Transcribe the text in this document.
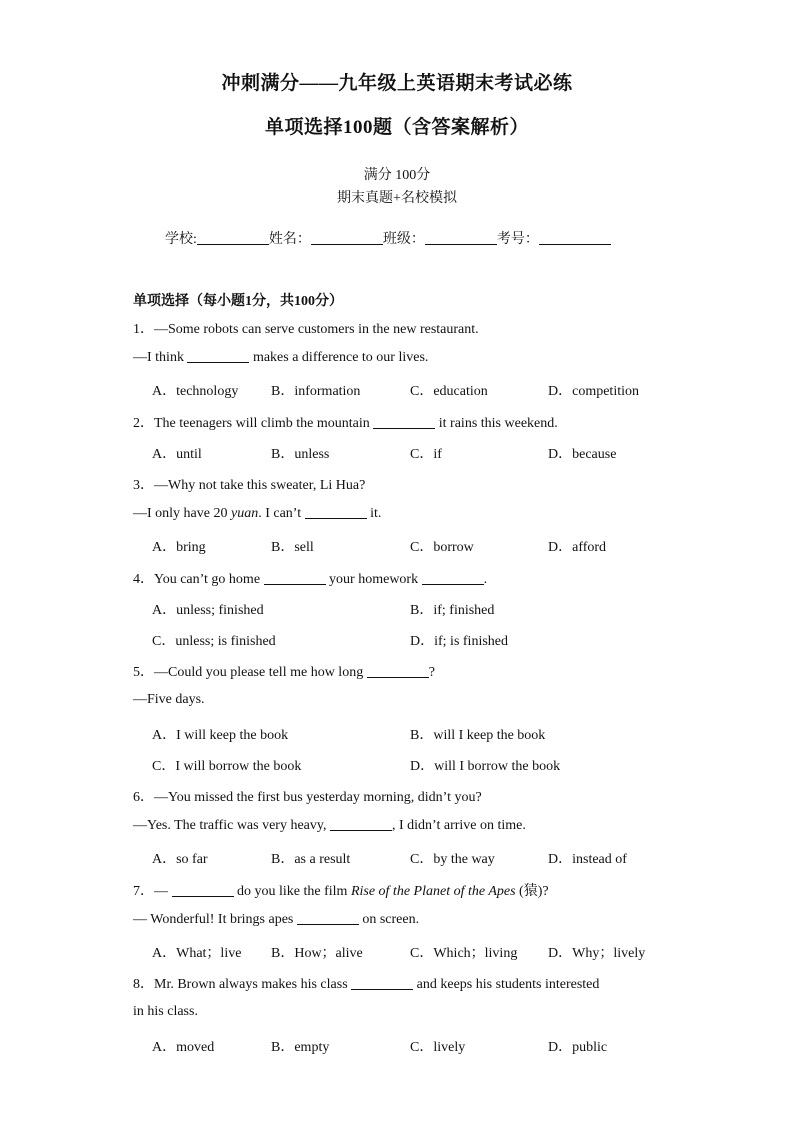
冲刺满分——九年级上英语期末考试必练
单项选择100题（含答案解析）
满分 100分
期末真题+名校模拟
学校:	姓名：	班级：	考号：
单项选择（每小题1分，共100分）
1．—Some robots can serve customers in the new restaurant.
—I think	makes a difference to our lives.
A．technology B．information	C．education	D．competition
2．The teenagers will climb the mountain	it rains this weekend.
A．until	B．unless	C．if	D．because
3．—Why not take this sweater, Li Hua?
—I only have 20 yuan. I can’t	it.
A．bring	B．sell	C．borrow	D．afford
4．You can’t go home	your homework	.
A．unless; finished	B．if; finished
C．unless; is finished	D．if; is finished
5．—Could you please tell me how long	?
—Five days.
A．I will keep the book	B．will I keep the book
C．I will borrow the book	D．will I borrow the book
6．—You missed the first bus yesterday morning, didn’t you?
—Yes. The traffic was very heavy,	, I didn’t arrive on time.
A．so far	B．as a result	C．by the way	D．instead of
7．—	do you like the film Rise of the Planet of the Apes (猿)?
— Wonderful! It brings apes	on screen.
A．What；live B．How；alive	C．Which；living D．Why；lively
8．Mr. Brown always makes his class	and keeps his students interested
in his class.
A．moved	B．empty	C．lively	D．public
